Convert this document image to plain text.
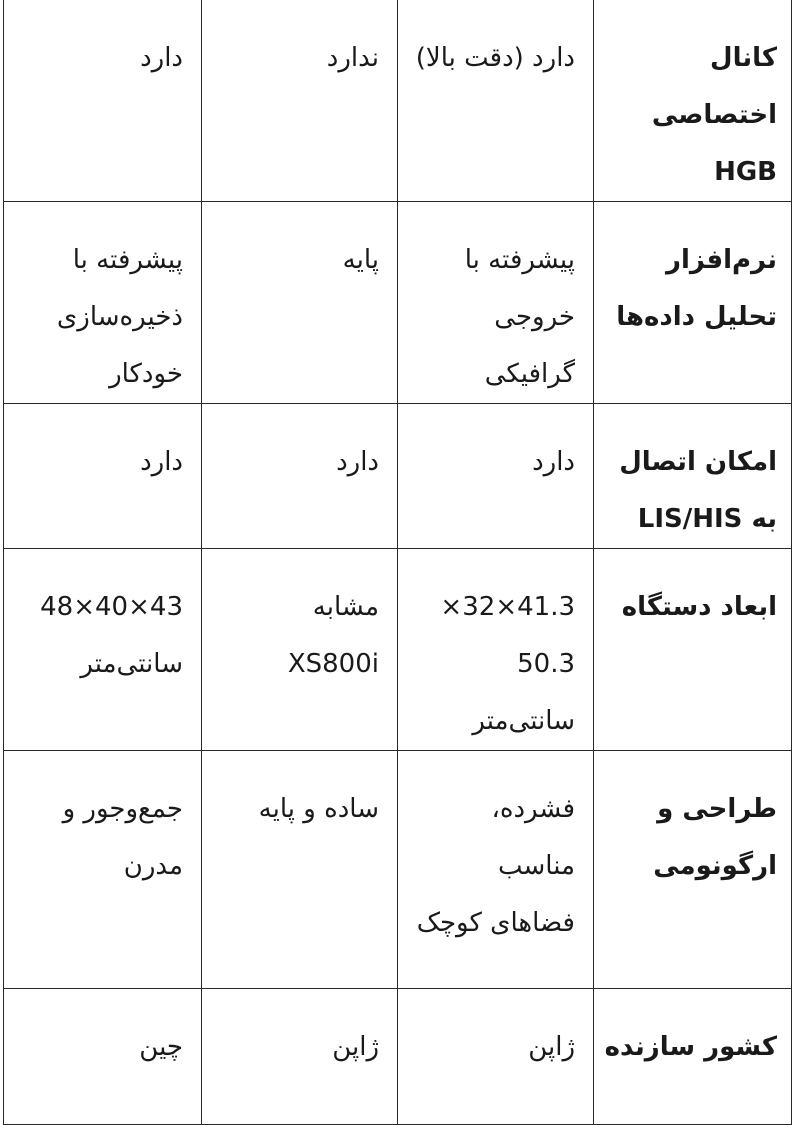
کانال اختصاصی HGB	دارد (دقت بالا)	ندارد	دارد
نرم‌افزار تحلیل داده‌ها	پیشرفته با خروجی گرافیکی	پایه	پیشرفته با ذخیره‌سازی خودکار
امکان اتصال به LIS/HIS	دارد	دارد	دارد
ابعاد دستگاه	41.3×32× 50.3 سانتی‌متر	مشابه XS800i	43×40×48 سانتی‌متر
طراحی و ارگونومی	فشرده، مناسب فضاهای کوچک	ساده و پایه	جمع‌وجور و مدرن
کشور سازنده	ژاپن	ژاپن	چین
